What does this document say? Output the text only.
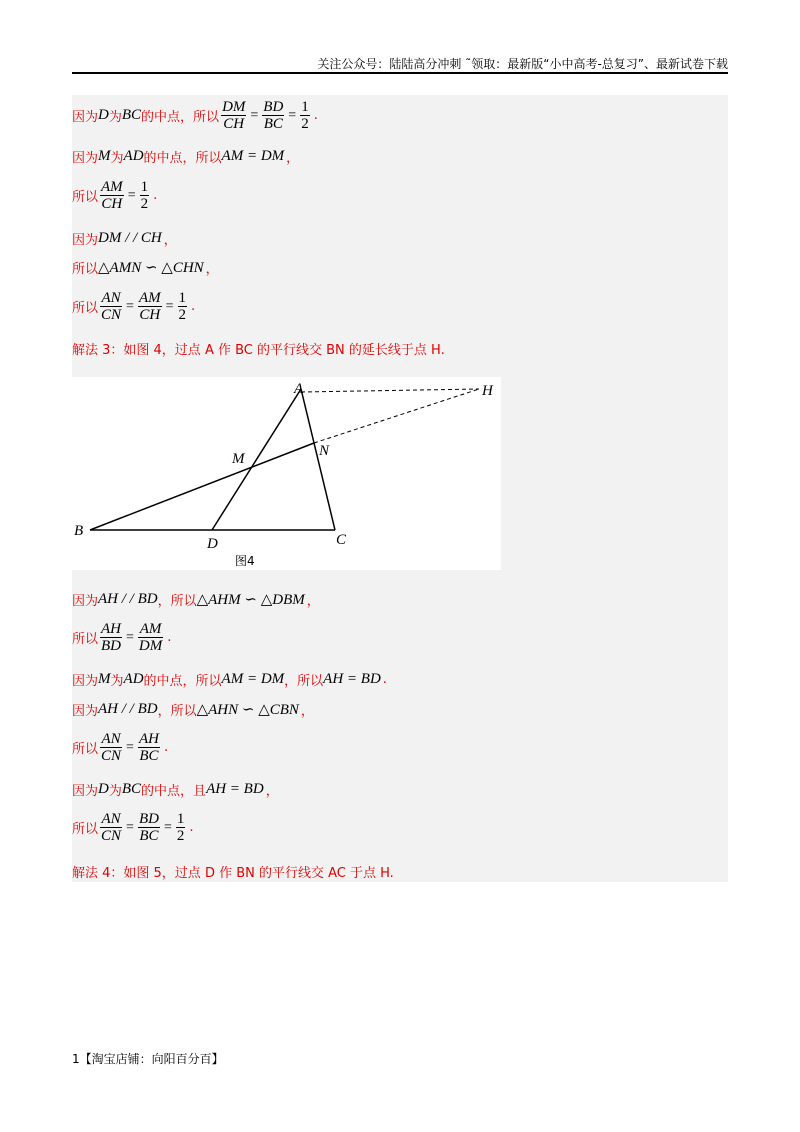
关注公众号：陆陆高分冲刺 ˜领取：最新版“小中高考-总复习”、最新试卷下载
因为 D 为 BC 的中点，所以 $\frac{DM}{CH} = \frac{BD}{BC} = \frac{1}{2}$ .
因为 M 为 AD 的中点，所以 AM = DM ，
所以 $\frac{AM}{CH} = \frac{1}{2}$ .
因为 DM / / CH ，
所以 △AMN ∽ △CHN ，
所以 $\frac{AN}{CN} = \frac{AM}{CH} = \frac{1}{2}$ .
解法 3：如图 4，过点 A 作 BC 的平行线交 BN 的延长线于点 H.
A	H
M	N
B
D	C
图4
因为 AH / / BD ，所以 △AHM ∽ △DBM ，
所以 $\frac{AH}{BD} = \frac{AM}{DM}$ .
因为 M 为 AD 的中点，所以 AM = DM ，所以 AH = BD .
因为 AH / / BD ，所以 △AHN ∽ △CBN ，
所以 $\frac{AN}{CN} = \frac{AH}{BC}$ .
因为 D 为 BC 的中点，且 AH = BD ，
所以 $\frac{AN}{CN} = \frac{BD}{BC} = \frac{1}{2}$ .
解法 4：如图 5，过点 D 作 BN 的平行线交 AC 于点 H.
1【淘宝店铺：向阳百分百】
